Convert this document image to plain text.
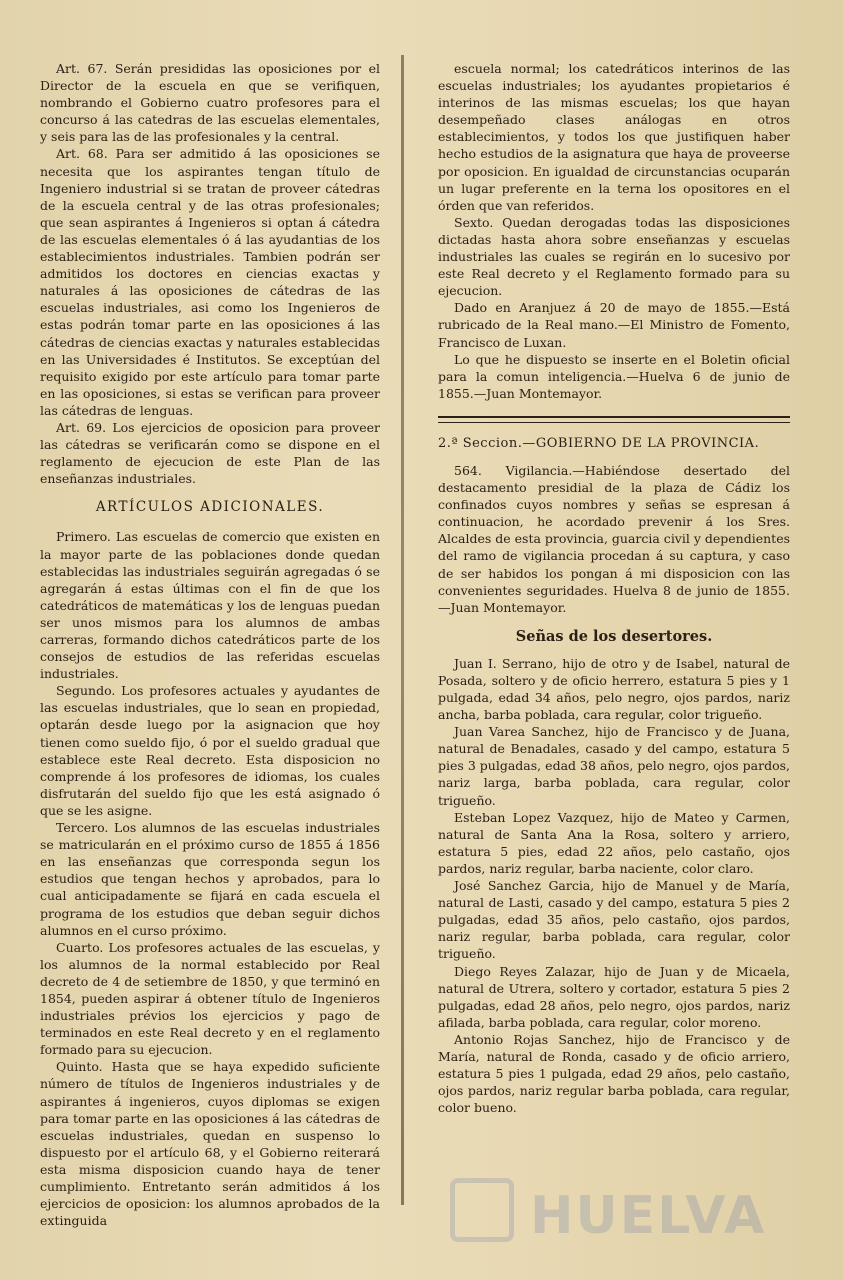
Art. 67. Serán presididas las oposiciones por el Director de la escuela en que se verifiquen, nombrando el Gobierno cuatro profesores para el concurso á las catedras de las escuelas elementales, y seis para las de las profesionales y la central.

Art. 68. Para ser admitido á las oposiciones se necesita que los aspirantes tengan título de Ingeniero industrial si se tratan de proveer cátedras de la escuela central y de las otras profesionales; que sean aspirantes á Ingenieros si optan á cátedra de las escuelas elementales ó á las ayudantias de los establecimientos industriales. Tambien podrán ser admitidos los doctores en ciencias exactas y naturales á las oposiciones de cátedras de las escuelas industriales, asi como los Ingenieros de estas podrán tomar parte en las oposiciones á las cátedras de ciencias exactas y naturales establecidas en las Universidades é Institutos. Se exceptúan del requisito exigido por este artículo para tomar parte en las oposiciones, si estas se verifican para proveer las cátedras de lenguas.

Art. 69. Los ejercicios de oposicion para proveer las cátedras se verificarán como se dispone en el reglamento de ejecucion de este Plan de las enseñanzas industriales.

ARTÍCULOS ADICIONALES.

Primero. Las escuelas de comercio que existen en la mayor parte de las poblaciones donde quedan establecidas las industriales seguirán agregadas ó se agregarán á estas últimas con el fin de que los catedráticos de matemáticas y los de lenguas puedan ser unos mismos para los alumnos de ambas carreras, formando dichos catedráticos parte de los consejos de estudios de las referidas escuelas industriales.

Segundo. Los profesores actuales y ayudantes de las escuelas industriales, que lo sean en propiedad, optarán desde luego por la asignacion que hoy tienen como sueldo fijo, ó por el sueldo gradual que establece este Real decreto. Esta disposicion no comprende á los profesores de idiomas, los cuales disfrutarán del sueldo fijo que les está asignado ó que se les asigne.

Tercero. Los alumnos de las escuelas industriales se matricularán en el próximo curso de 1855 á 1856 en las enseñanzas que corresponda segun los estudios que tengan hechos y aprobados, para lo cual anticipadamente se fijará en cada escuela el programa de los estudios que deban seguir dichos alumnos en el curso próximo.

Cuarto. Los profesores actuales de las escuelas, y los alumnos de la normal establecido por Real decreto de 4 de setiembre de 1850, y que terminó en 1854, pueden aspirar á obtener título de Ingenieros industriales prévios los ejercicios y pago de terminados en este Real decreto y en el reglamento formado para su ejecucion.

Quinto. Hasta que se haya expedido suficiente número de títulos de Ingenieros industriales y de aspirantes á ingenieros, cuyos diplomas se exigen para tomar parte en las oposiciones á las cátedras de escuelas industriales, quedan en suspenso lo dispuesto por el artículo 68, y el Gobierno reiterará esta misma disposicion cuando haya de tener cumplimiento. Entretanto serán admitidos á los ejercicios de oposicion: los alumnos aprobados de la extinguida

escuela normal; los catedráticos interinos de las escuelas industriales; los ayudantes propietarios é interinos de las mismas escuelas; los que hayan desempeñado clases análogas en otros establecimientos, y todos los que justifiquen haber hecho estudios de la asignatura que haya de proveerse por oposicion. En igualdad de circunstancias ocuparán un lugar preferente en la terna los opositores en el órden que van referidos.

Sexto. Quedan derogadas todas las disposiciones dictadas hasta ahora sobre enseñanzas y escuelas industriales las cuales se regirán en lo sucesivo por este Real decreto y el Reglamento formado para su ejecucion.

Dado en Aranjuez á 20 de mayo de 1855.—Está rubricado de la Real mano.—El Ministro de Fomento, Francisco de Luxan.

Lo que he dispuesto se inserte en el Boletin oficial para la comun inteligencia.—Huelva 6 de junio de 1855.—Juan Montemayor.

2.ª Seccion.—GOBIERNO DE LA PROVINCIA.

564. Vigilancia.—Habiéndose desertado del destacamento presidial de la plaza de Cádiz los confinados cuyos nombres y señas se espresan á continuacion, he acordado prevenir á los Sres. Alcaldes de esta provincia, guarcia civil y dependientes del ramo de vigilancia procedan á su captura, y caso de ser habidos los pongan á mi disposicion con las convenientes seguridades. Huelva 8 de junio de 1855.—Juan Montemayor.

Señas de los desertores.

Juan I. Serrano, hijo de otro y de Isabel, natural de Posada, soltero y de oficio herrero, estatura 5 pies y 1 pulgada, edad 34 años, pelo negro, ojos pardos, nariz ancha, barba poblada, cara regular, color trigueño.

Juan Varea Sanchez, hijo de Francisco y de Juana, natural de Benadales, casado y del campo, estatura 5 pies 3 pulgadas, edad 38 años, pelo negro, ojos pardos, nariz larga, barba poblada, cara regular, color trigueño.

Esteban Lopez Vazquez, hijo de Mateo y Carmen, natural de Santa Ana la Rosa, soltero y arriero, estatura 5 pies, edad 22 años, pelo castaño, ojos pardos, nariz regular, barba naciente, color claro.

José Sanchez Garcia, hijo de Manuel y de María, natural de Lasti, casado y del campo, estatura 5 pies 2 pulgadas, edad 35 años, pelo castaño, ojos pardos, nariz regular, barba poblada, cara regular, color trigueño.

Diego Reyes Zalazar, hijo de Juan y de Micaela, natural de Utrera, soltero y cortador, estatura 5 pies 2 pulgadas, edad 28 años, pelo negro, ojos pardos, nariz afilada, barba poblada, cara regular, color moreno.

Antonio Rojas Sanchez, hijo de Francisco y de María, natural de Ronda, casado y de oficio arriero, estatura 5 pies 1 pulgada, edad 29 años, pelo castaño, ojos pardos, nariz regular barba poblada, cara regular, color bueno.

HUELVA
